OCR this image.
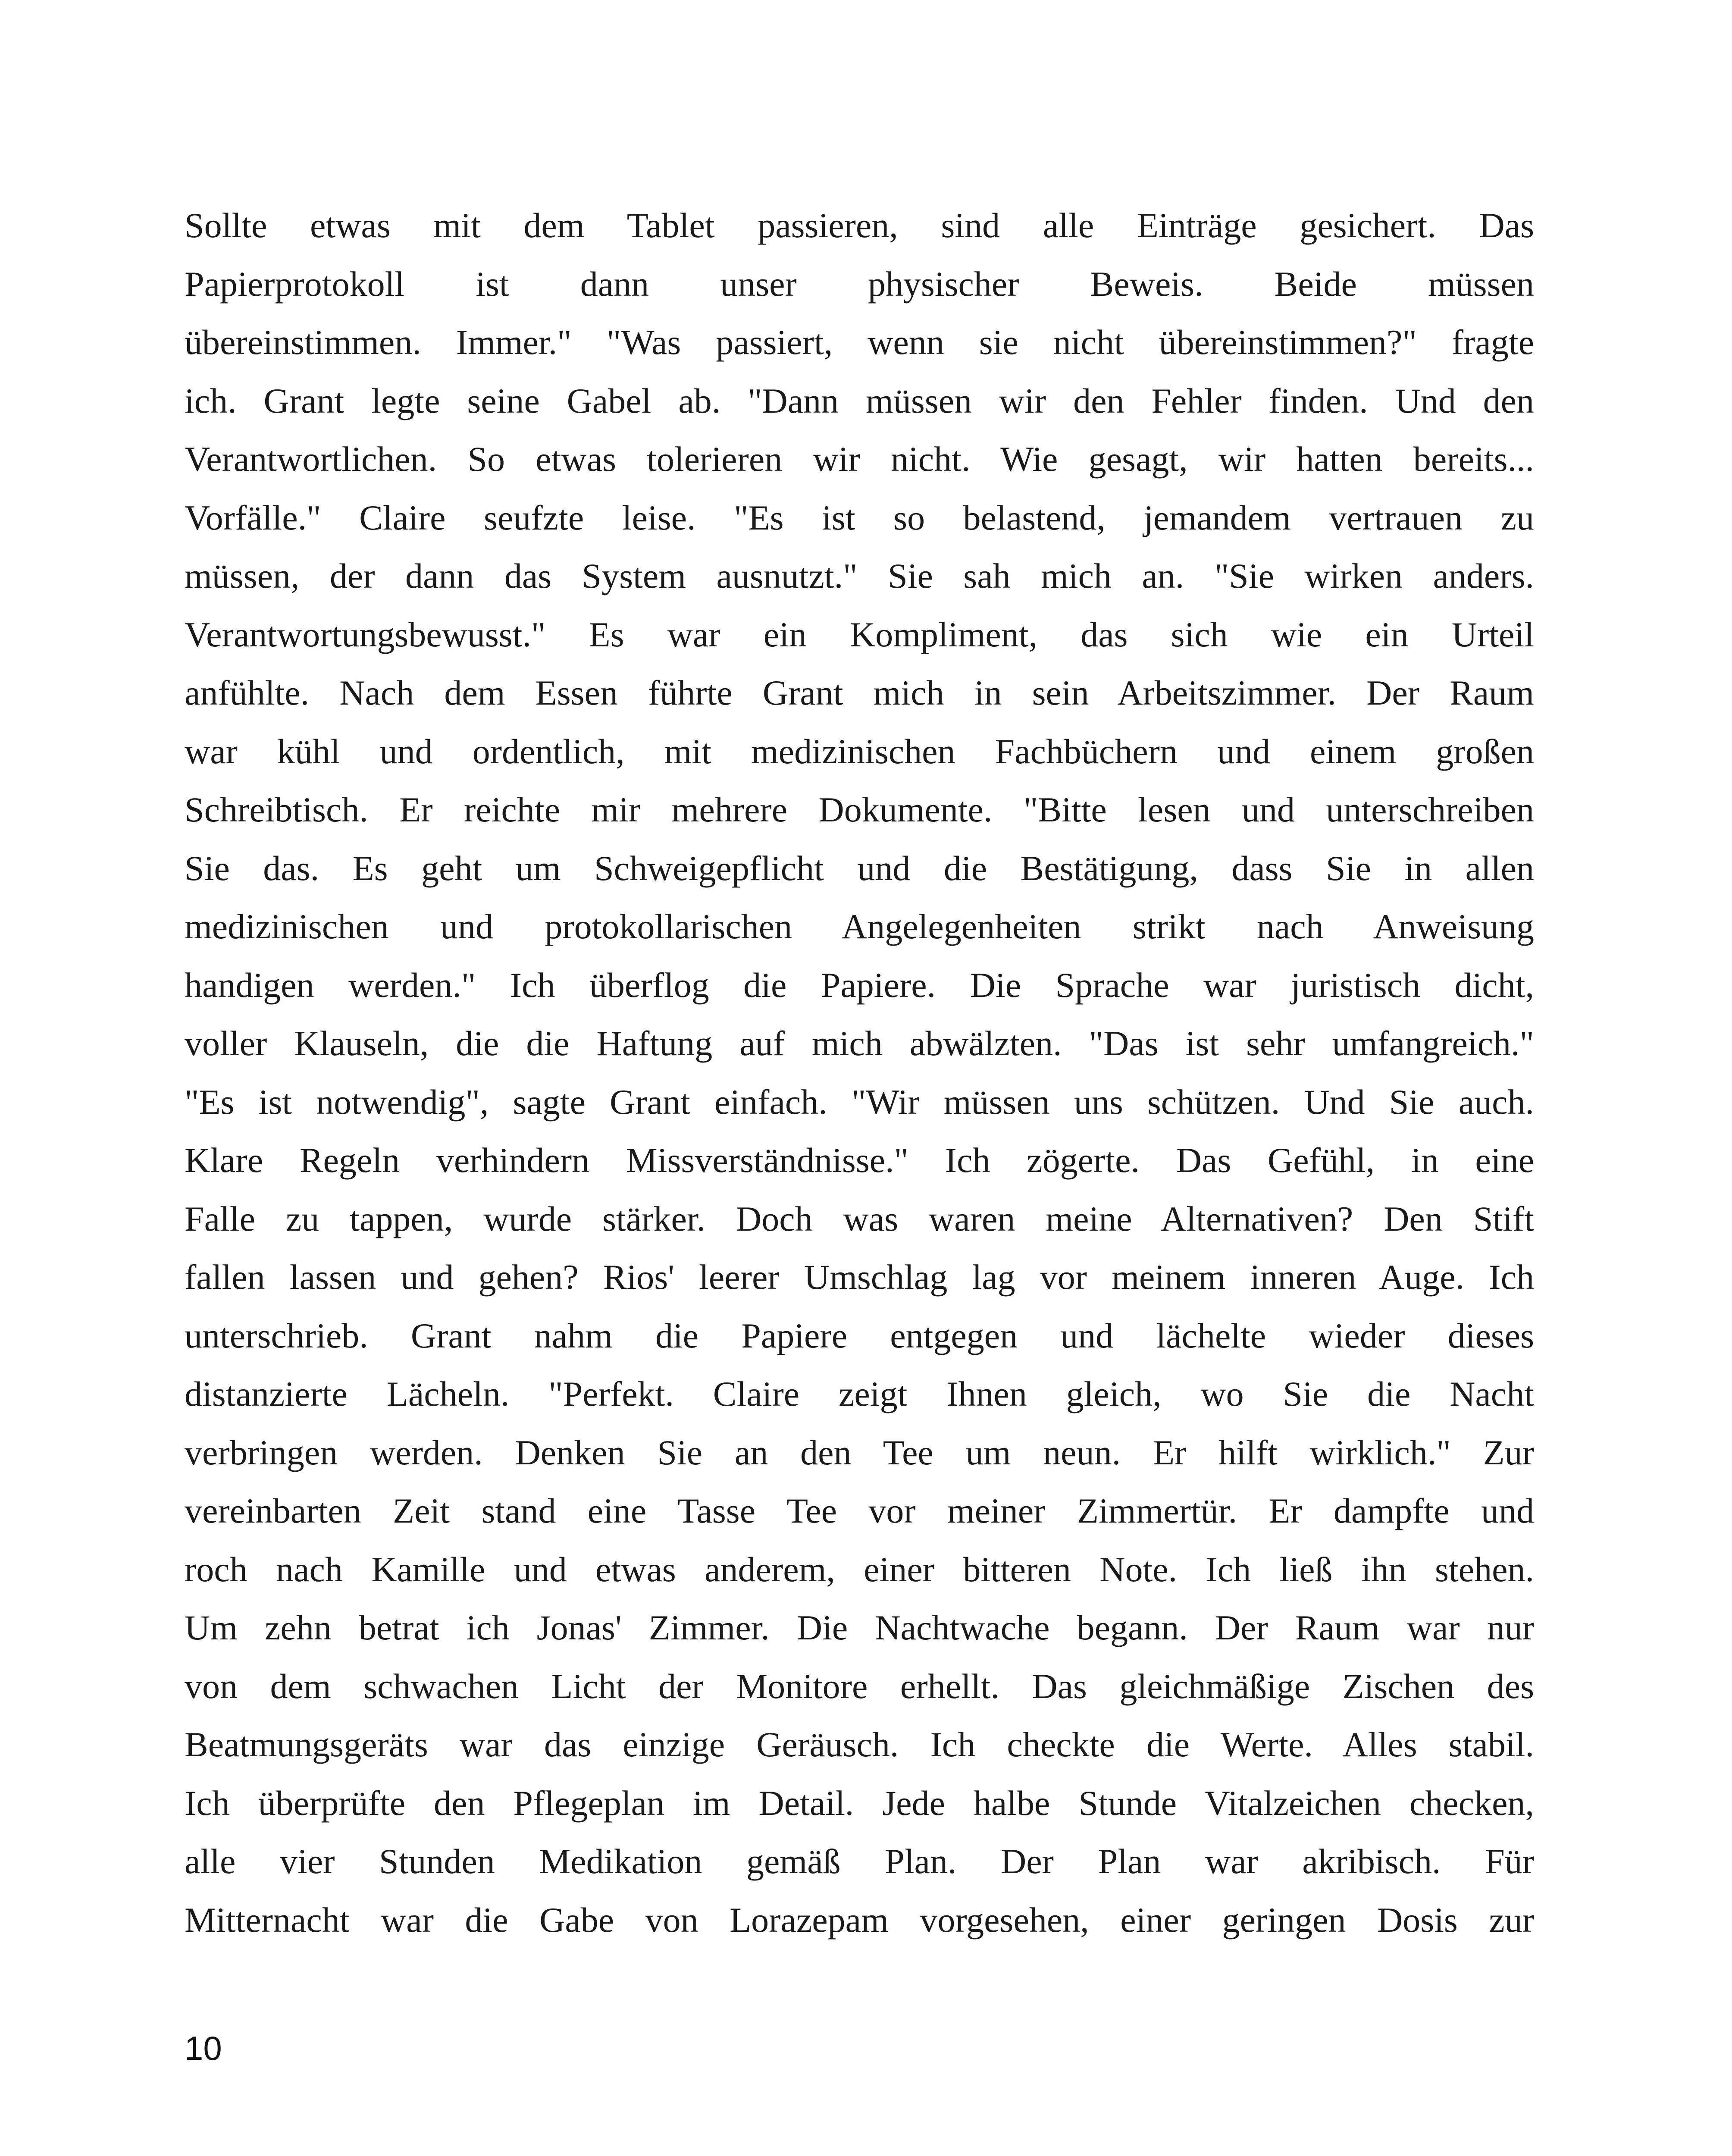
Sollte etwas mit dem Tablet passieren, sind alle Einträge gesichert. Das
Papierprotokoll ist dann unser physischer Beweis. Beide müssen
übereinstimmen. Immer." "Was passiert, wenn sie nicht übereinstimmen?" fragte
ich. Grant legte seine Gabel ab. "Dann müssen wir den Fehler finden. Und den
Verantwortlichen. So etwas tolerieren wir nicht. Wie gesagt, wir hatten bereits...
Vorfälle." Claire seufzte leise. "Es ist so belastend, jemandem vertrauen zu
müssen, der dann das System ausnutzt." Sie sah mich an. "Sie wirken anders.
Verantwortungsbewusst." Es war ein Kompliment, das sich wie ein Urteil
anfühlte. Nach dem Essen führte Grant mich in sein Arbeitszimmer. Der Raum
war kühl und ordentlich, mit medizinischen Fachbüchern und einem großen
Schreibtisch. Er reichte mir mehrere Dokumente. "Bitte lesen und unterschreiben
Sie das. Es geht um Schweigepflicht und die Bestätigung, dass Sie in allen
medizinischen und protokollarischen Angelegenheiten strikt nach Anweisung
handigen werden." Ich überflog die Papiere. Die Sprache war juristisch dicht,
voller Klauseln, die die Haftung auf mich abwälzten. "Das ist sehr umfangreich."
"Es ist notwendig", sagte Grant einfach. "Wir müssen uns schützen. Und Sie auch.
Klare Regeln verhindern Missverständnisse." Ich zögerte. Das Gefühl, in eine
Falle zu tappen, wurde stärker. Doch was waren meine Alternativen? Den Stift
fallen lassen und gehen? Rios' leerer Umschlag lag vor meinem inneren Auge. Ich
unterschrieb. Grant nahm die Papiere entgegen und lächelte wieder dieses
distanzierte Lächeln. "Perfekt. Claire zeigt Ihnen gleich, wo Sie die Nacht
verbringen werden. Denken Sie an den Tee um neun. Er hilft wirklich." Zur
vereinbarten Zeit stand eine Tasse Tee vor meiner Zimmertür. Er dampfte und
roch nach Kamille und etwas anderem, einer bitteren Note. Ich ließ ihn stehen.
Um zehn betrat ich Jonas' Zimmer. Die Nachtwache begann. Der Raum war nur
von dem schwachen Licht der Monitore erhellt. Das gleichmäßige Zischen des
Beatmungsgeräts war das einzige Geräusch. Ich checkte die Werte. Alles stabil.
Ich überprüfte den Pflegeplan im Detail. Jede halbe Stunde Vitalzeichen checken,
alle vier Stunden Medikation gemäß Plan. Der Plan war akribisch. Für
Mitternacht war die Gabe von Lorazepam vorgesehen, einer geringen Dosis zur
10
